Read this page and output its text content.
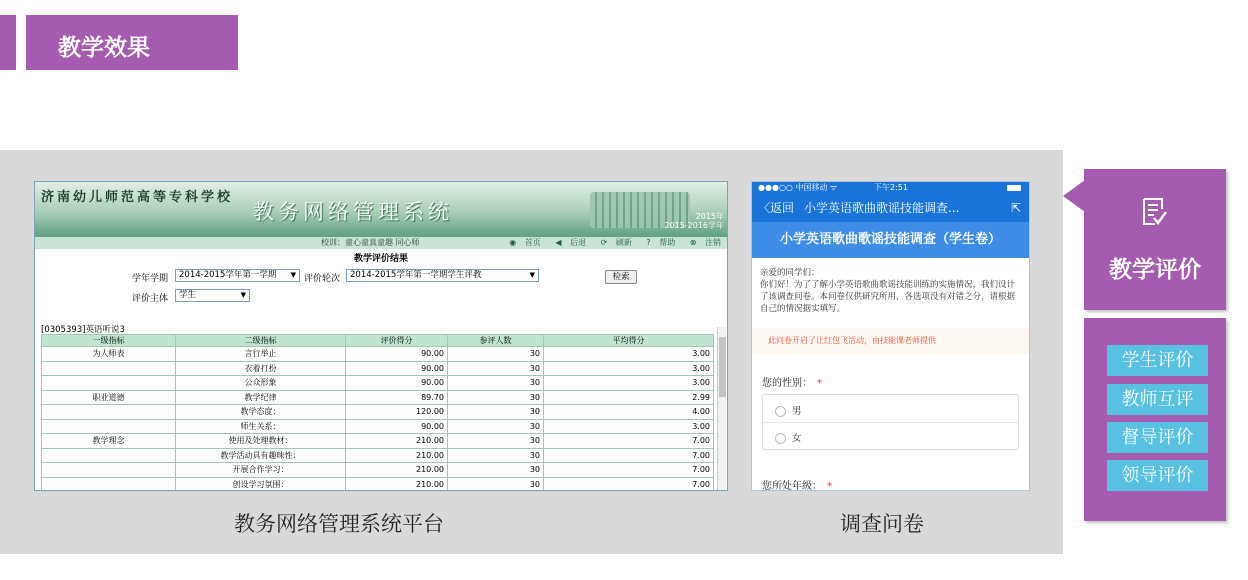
教学效果
济南幼儿师范高等专科学校
教务网络管理系统	2015年
2015-2016学年
校训：童心童真童趣 同心师	◉ 首页 ◀ 后退 ⟳ 刷新 ? 帮助 ⊗ 注销
教学评价结果
学年学期	2014-2015学年第一学期 ▼ 评价轮次	2014-2015学年第一学期学生评教	▼	检索
评价主体	学生	▼
[0305393]英语听说3
一级指标	二级指标	评价得分	参评人数	平均得分
为人师表	言行举止	90.00	30	3.00
	衣着打扮	90.00	30	3.00
	公众形象	90.00	30	3.00
职业道德	教学纪律	89.70	30	2.99
	教学态度：	120.00	30	4.00
	师生关系：	90.00	30	3.00
教学理念	使用及处理教材：	210.00	30	7.00
	教学活动具有趣味性：	210.00	30	7.00
	开展合作学习：	210.00	30	7.00
	创设学习氛围：	210.00	30	7.00
教务网络管理系统平台
●●●○○ 中国移动 ᯤ	下午2:51
〈返回 小学英语歌曲歌谣技能调查...	⇱
小学英语歌曲歌谣技能调查（学生卷）
亲爱的同学们：
你们好！为了了解小学英语歌曲歌谣技能训练的实施情况，我们设计了该调查问卷。本问卷仅供研究所用，各选项没有对错之分，请根据自己的情况据实填写。
此问卷开启了让红包飞活动，由技能课老师提供
您的性别： *
男
女
您所处年级： *
调查问卷
教学评价
学生评价
教师互评
督导评价
领导评价
